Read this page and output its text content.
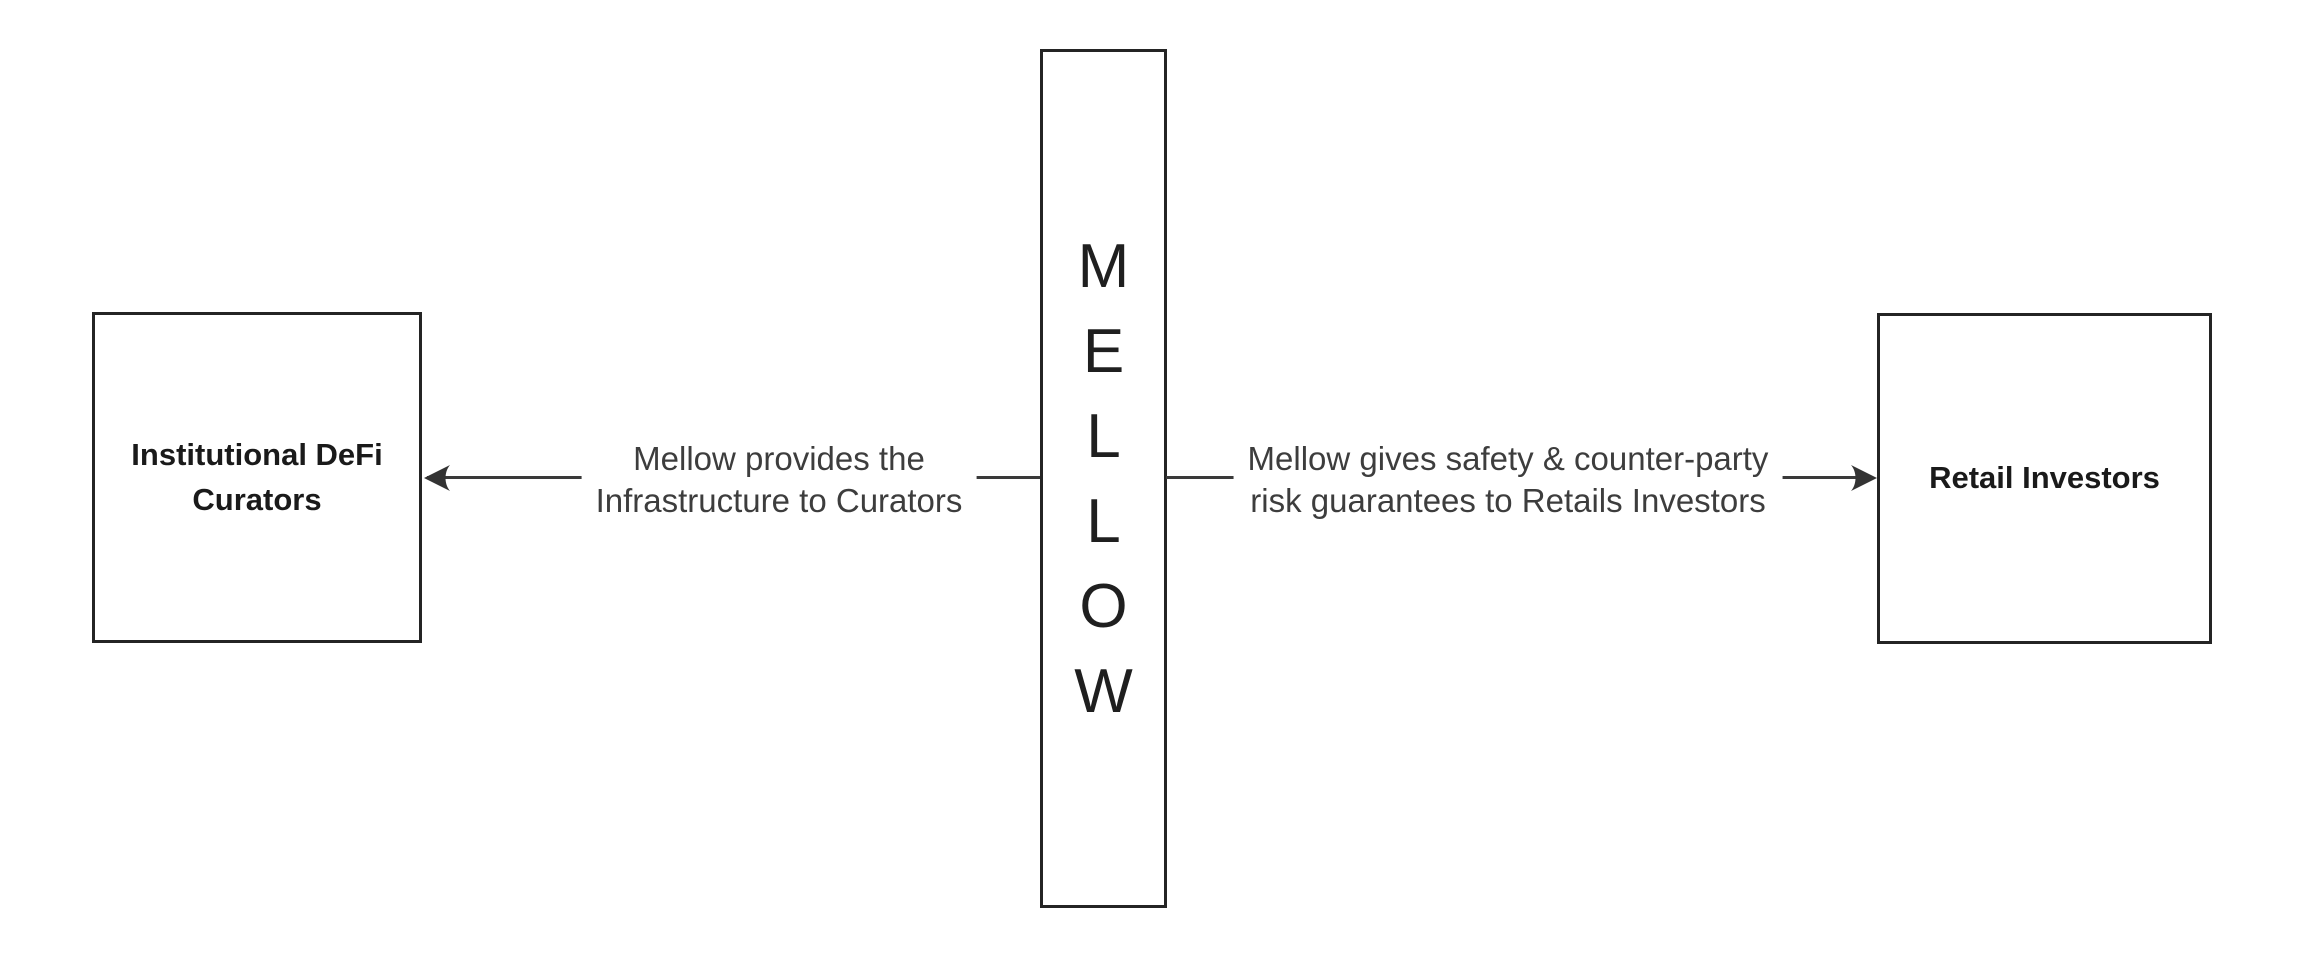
Institutional DeFi
Curators
M
E
L
L
O
W
Retail Investors
Mellow provides the
Infrastructure to Curators
Mellow gives safety & counter-party
risk guarantees to Retails Investors
